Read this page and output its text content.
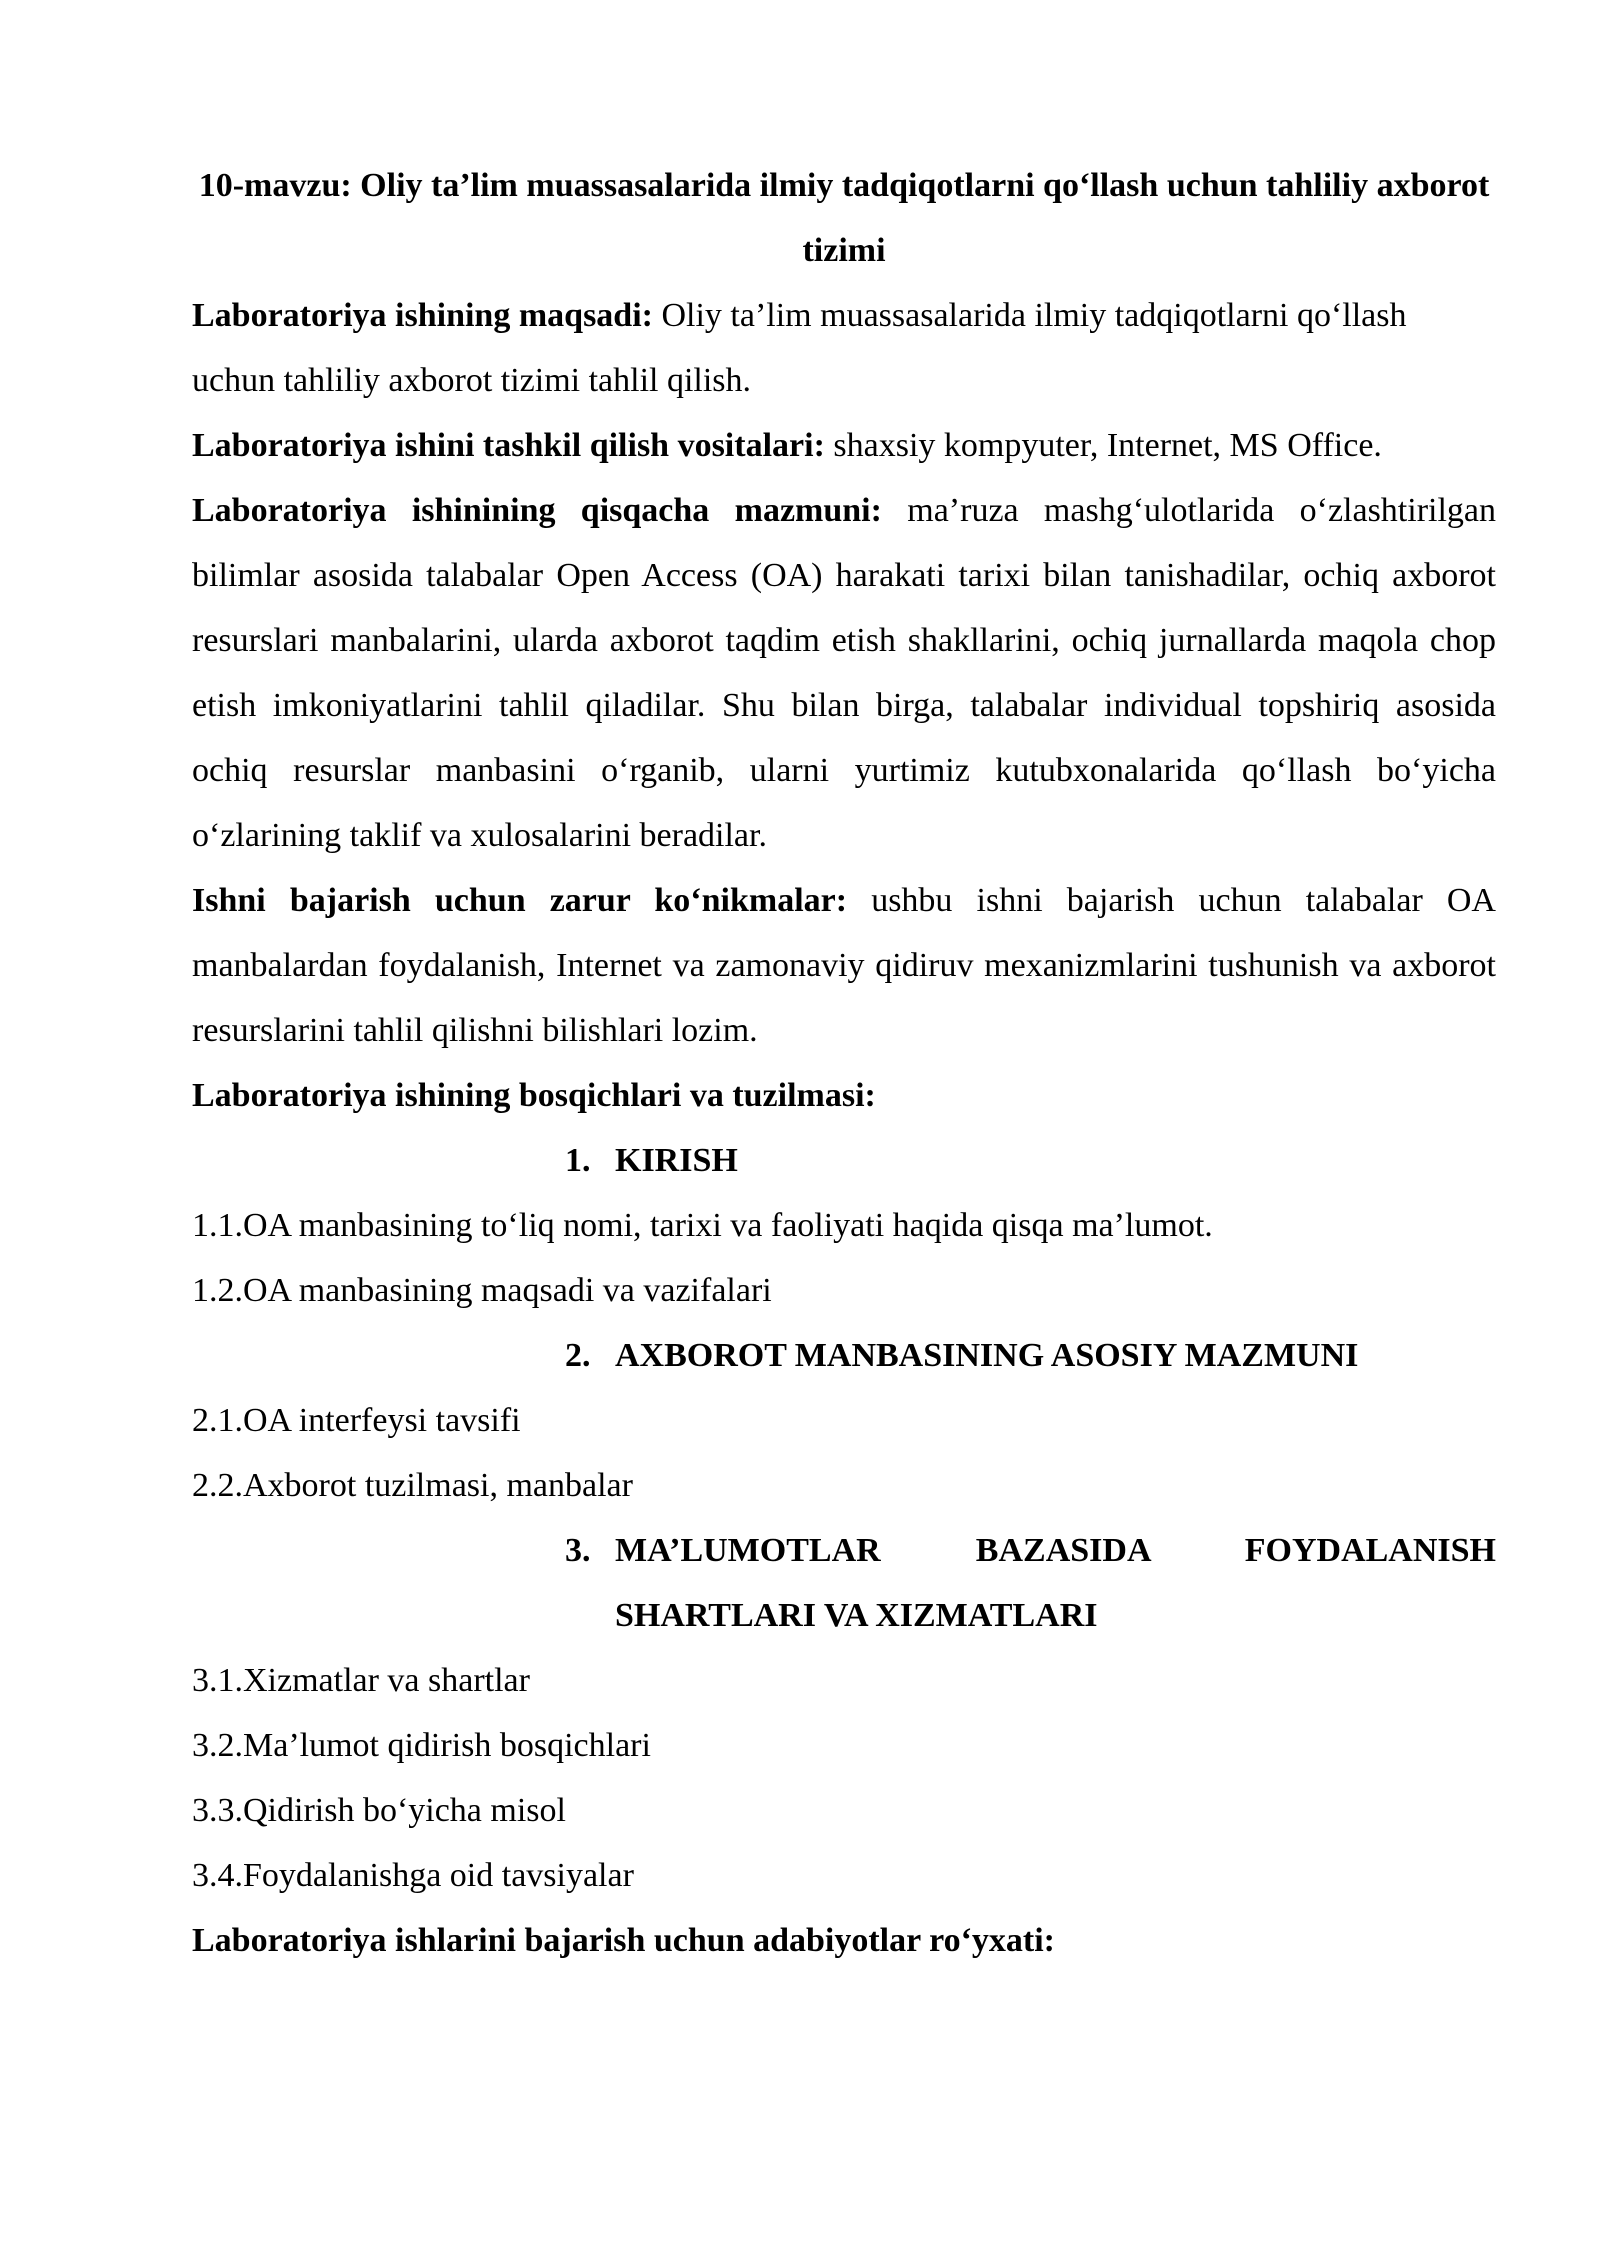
10-mavzu: Oliy ta’lim muassasalarida ilmiy tadqiqotlarni qo‘llash uchun tahliliy axborot tizimi

Laboratoriya ishining maqsadi: Oliy ta’lim muassasalarida ilmiy tadqiqotlarni qo‘llash uchun tahliliy axborot tizimi tahlil qilish.

Laboratoriya ishini tashkil qilish vositalari: shaxsiy kompyuter, Internet, MS Office.

Laboratoriya ishinining qisqacha mazmuni: ma’ruza mashg‘ulotlarida o‘zlashtirilgan bilimlar asosida talabalar Open Access (OA) harakati tarixi bilan tanishadilar, ochiq axborot resurslari manbalarini, ularda axborot taqdim etish shakllarini, ochiq jurnallarda maqola chop etish imkoniyatlarini tahlil qiladilar. Shu bilan birga, talabalar individual topshiriq asosida ochiq resurslar manbasini o‘rganib, ularni yurtimiz kutubxonalarida qo‘llash bo‘yicha o‘zlarining taklif va xulosalarini beradilar.

Ishni bajarish uchun zarur ko‘nikmalar: ushbu ishni bajarish uchun talabalar OA manbalardan foydalanish, Internet va zamonaviy qidiruv mexanizmlarini tushunish va axborot resurslarini tahlil qilishni bilishlari lozim.

Laboratoriya ishining bosqichlari va tuzilmasi:

1. KIRISH

1.1.OA manbasining to‘liq nomi, tarixi va faoliyati haqida qisqa ma’lumot.

1.2.OA manbasining maqsadi va vazifalari

2. AXBOROT MANBASINING ASOSIY MAZMUNI

2.1.OA interfeysi tavsifi

2.2.Axborot tuzilmasi, manbalar

3. MA’LUMOTLAR BAZASIDA FOYDALANISH SHARTLARI VA XIZMATLARI

3.1.Xizmatlar va shartlar

3.2.Ma’lumot qidirish bosqichlari

3.3.Qidirish bo‘yicha misol

3.4.Foydalanishga oid tavsiyalar

Laboratoriya ishlarini bajarish uchun adabiyotlar ro‘yxati:
